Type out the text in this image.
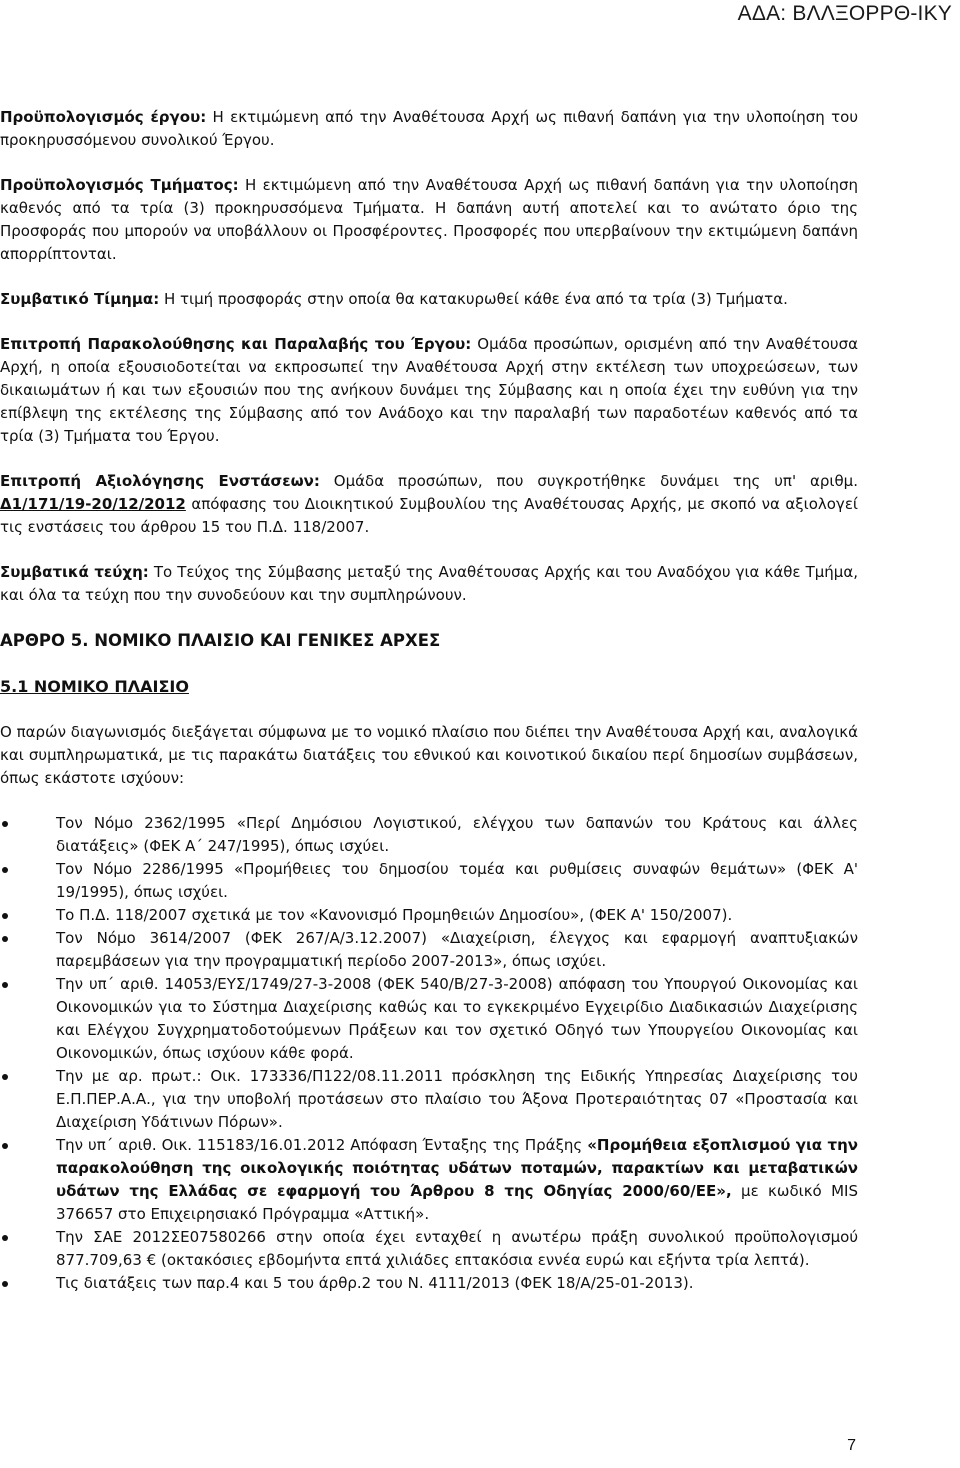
ΑΔΑ: ΒΛΛΞΟΡΡΘ-ΙΚΥ

Προϋπολογισμός έργου: Η εκτιμώμενη από την Αναθέτουσα Αρχή ως πιθανή δαπάνη για την υλοποίηση του προκηρυσσόμενου συνολικού Έργου.

Προϋπολογισμός Τμήματος: Η εκτιμώμενη από την Αναθέτουσα Αρχή ως πιθανή δαπάνη για την υλοποίηση καθενός από τα τρία (3) προκηρυσσόμενα Τμήματα. Η δαπάνη αυτή αποτελεί και το ανώτατο όριο της Προσφοράς που μπορούν να υποβάλλουν οι Προσφέροντες. Προσφορές που υπερβαίνουν την εκτιμώμενη δαπάνη απορρίπτονται.

Συμβατικό Τίμημα: Η τιμή προσφοράς στην οποία θα κατακυρωθεί κάθε ένα από τα τρία (3) Τμήματα.

Επιτροπή Παρακολούθησης και Παραλαβής του Έργου: Ομάδα προσώπων, ορισμένη από την Αναθέτουσα Αρχή, η οποία εξουσιοδοτείται να εκπροσωπεί την Αναθέτουσα Αρχή στην εκτέλεση των υποχρεώσεων, των δικαιωμάτων ή και των εξουσιών που της ανήκουν δυνάμει της Σύμβασης και η οποία έχει την ευθύνη για την επίβλεψη της εκτέλεσης της Σύμβασης από τον Ανάδοχο και την παραλαβή των παραδοτέων καθενός από τα τρία (3) Τμήματα του Έργου.

Επιτροπή Αξιολόγησης Ενστάσεων: Ομάδα προσώπων, που συγκροτήθηκε δυνάμει της υπ' αριθμ. Δ1/171/19-20/12/2012 απόφασης του Διοικητικού Συμβουλίου της Αναθέτουσας Αρχής, με σκοπό να αξιολογεί τις ενστάσεις του άρθρου 15 του Π.Δ. 118/2007.

Συμβατικά τεύχη: Το Τεύχος της Σύμβασης μεταξύ της Αναθέτουσας Αρχής και του Αναδόχου για κάθε Τμήμα, και όλα τα τεύχη που την συνοδεύουν και την συμπληρώνουν.

ΑΡΘΡΟ 5. ΝΟΜΙΚΟ ΠΛΑΙΣΙΟ ΚΑΙ ΓΕΝΙΚΕΣ ΑΡΧΕΣ
5.1 ΝΟΜΙΚΟ ΠΛΑΙΣΙΟ

Ο παρών διαγωνισμός διεξάγεται σύμφωνα με το νομικό πλαίσιο που διέπει την Αναθέτουσα Αρχή και, αναλογικά και συμπληρωματικά, με τις παρακάτω διατάξεις του εθνικού και κοινοτικού δικαίου περί δημοσίων συμβάσεων, όπως εκάστοτε ισχύουν:

Τον Νόμο 2362/1995 «Περί Δημόσιου Λογιστικού, ελέγχου των δαπανών του Κράτους και άλλες διατάξεις» (ΦΕΚ Α΄ 247/1995), όπως ισχύει.
Τον Νόμο 2286/1995 «Προμήθειες του δημοσίου τομέα και ρυθμίσεις συναφών θεμάτων» (ΦΕΚ Α' 19/1995), όπως ισχύει.
Το Π.Δ. 118/2007 σχετικά με τον «Κανονισμό Προμηθειών Δημοσίου», (ΦΕΚ Α' 150/2007).
Τον Νόμο 3614/2007 (ΦΕΚ 267/Α/3.12.2007) «Διαχείριση, έλεγχος και εφαρμογή αναπτυξιακών παρεμβάσεων για την προγραμματική περίοδο 2007-2013», όπως ισχύει.
Την υπ΄ αριθ. 14053/ΕΥΣ/1749/27-3-2008 (ΦΕΚ 540/Β/27-3-2008) απόφαση του Υπουργού Οικονομίας και Οικονομικών για το Σύστημα Διαχείρισης καθώς και το εγκεκριμένο Εγχειρίδιο Διαδικασιών Διαχείρισης και Ελέγχου Συγχρηματοδοτούμενων Πράξεων και τον σχετικό Οδηγό των Υπουργείου Οικονομίας και Οικονομικών, όπως ισχύουν κάθε φορά.
Την με αρ. πρωτ.: Οικ. 173336/Π122/08.11.2011 πρόσκληση της Ειδικής Υπηρεσίας Διαχείρισης του Ε.Π.ΠΕΡ.Α.Α., για την υποβολή προτάσεων στο πλαίσιο του Άξονα Προτεραιότητας 07 «Προστασία και Διαχείριση Υδάτινων Πόρων».
Την υπ΄ αριθ. Οικ. 115183/16.01.2012 Απόφαση Ένταξης της Πράξης «Προμήθεια εξοπλισμού για την παρακολούθηση της οικολογικής ποιότητας υδάτων ποταμών, παρακτίων και μεταβατικών υδάτων της Ελλάδας σε εφαρμογή του Άρθρου 8 της Οδηγίας 2000/60/ΕΕ», με κωδικό MIS 376657 στο Επιχειρησιακό Πρόγραμμα «Αττική».
Την ΣΑΕ 2012ΣΕ07580266 στην οποία έχει ενταχθεί η ανωτέρω πράξη συνολικού προϋπολογισμού 877.709,63 € (οκτακόσιες εβδομήντα επτά χιλιάδες επτακόσια εννέα ευρώ και εξήντα τρία λεπτά).
Τις διατάξεις των παρ.4 και 5 του άρθρ.2 του Ν. 4111/2013 (ΦΕΚ 18/Α/25-01-2013).
7
